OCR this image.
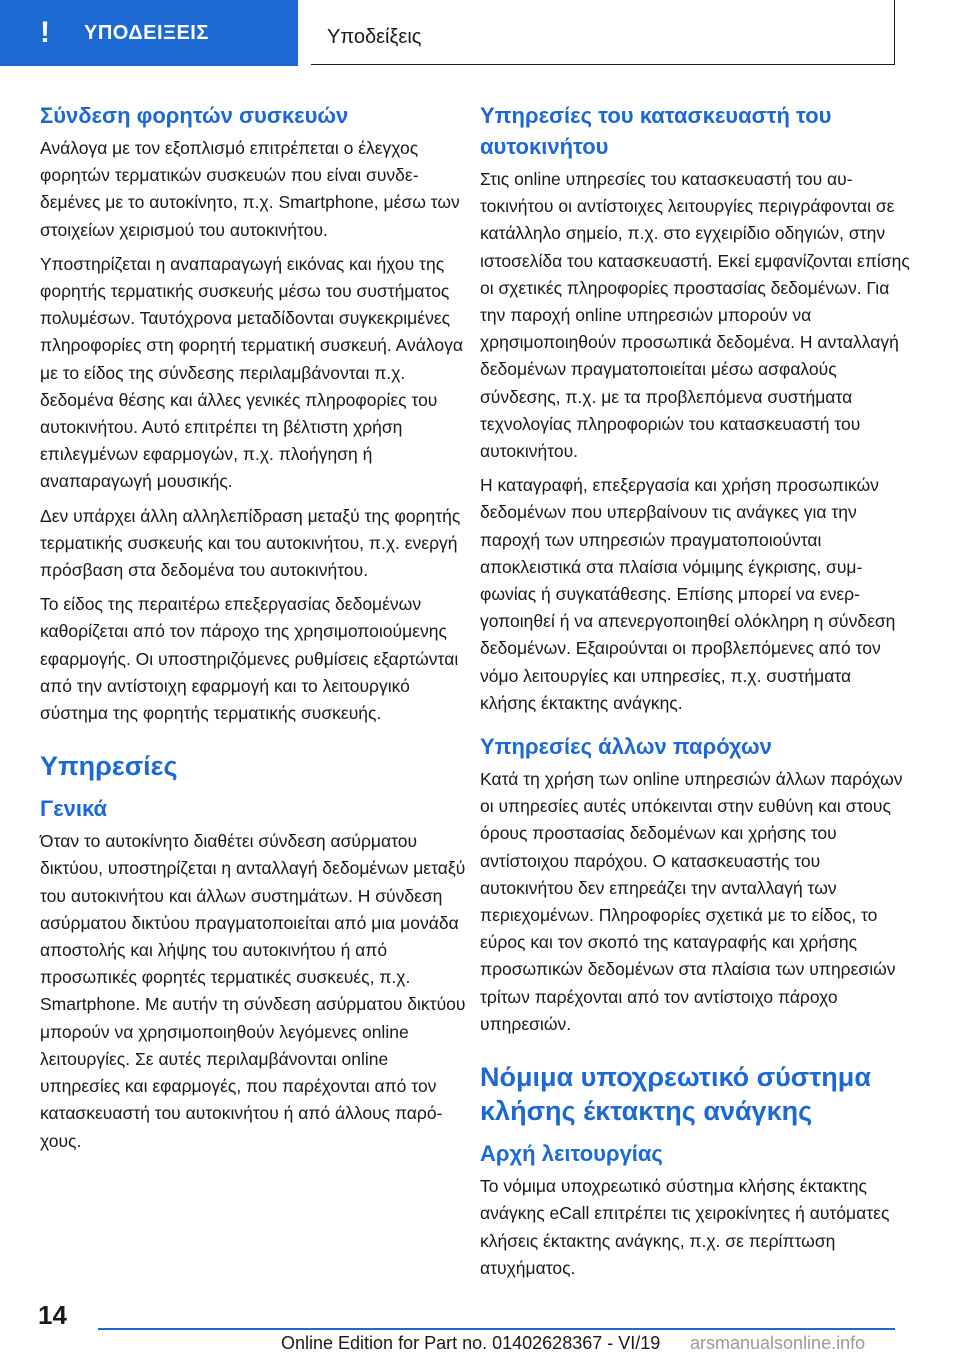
! ΥΠΟΔΕΙΞΕΙΣ	Υποδείξεις
Σύνδεση φορητών συσκευών

Ανάλογα με τον εξοπλισμό επιτρέπεται ο έλεγχος φορητών τερματικών συσκευών που είναι συνδεδεμένες με το αυτοκίνητο, π.χ. Smartphone, μέσω των στοιχείων χειρισμού του αυτοκινήτου.

Υποστηρίζεται η αναπαραγωγή εικόνας και ήχου της φορητής τερματικής συσκευής μέσω του συστήματος πολυμέσων. Ταυτόχρονα μεταδίδονται συγκεκριμένες πληροφορίες στη φορητή τερματική συσκευή. Ανάλογα με το είδος της σύνδεσης περιλαμβάνονται π.χ. δεδομένα θέσης και άλλες γενικές πληροφορίες του αυτοκινήτου. Αυτό επιτρέπει τη βέλτιστη χρήση επιλεγμένων εφαρμογών, π.χ. πλοήγηση ή αναπαραγωγή μουσικής.

Δεν υπάρχει άλλη αλληλεπίδραση μεταξύ της φορητής τερματικής συσκευής και του αυτοκινήτου, π.χ. ενεργή πρόσβαση στα δεδομένα του αυτοκινήτου.

Το είδος της περαιτέρω επεξεργασίας δεδομένων καθορίζεται από τον πάροχο της χρησιμοποιούμενης εφαρμογής. Οι υποστηριζόμενες ρυθμίσεις εξαρτώνται από την αντίστοιχη εφαρμογή και το λειτουργικό σύστημα της φορητής τερματικής συσκευής.

Υπηρεσίες
Γενικά

Όταν το αυτοκίνητο διαθέτει σύνδεση ασύρματου δικτύου, υποστηρίζεται η ανταλλαγή δεδομένων μεταξύ του αυτοκινήτου και άλλων συστημάτων. Η σύνδεση ασύρματου δικτύου πραγματοποιείται από μια μονάδα αποστολής και λήψης του αυτοκινήτου ή από προσωπικές φορητές τερματικές συσκευές, π.χ. Smartphone. Με αυτήν τη σύνδεση ασύρματου δικτύου μπορούν να χρησιμοποιηθούν λεγόμενες online λειτουργίες. Σε αυτές περιλαμβάνονται online υπηρεσίες και εφαρμογές, που παρέχονται από τον κατασκευαστή του αυτοκινήτου ή από άλλους παρόχους.

Υπηρεσίες του κατασκευαστή του αυτοκινήτου

Στις online υπηρεσίες του κατασκευαστή του αυτοκινήτου οι αντίστοιχες λειτουργίες περιγράφονται σε κατάλληλο σημείο, π.χ. στο εγχειρίδιο οδηγιών, στην ιστοσελίδα του κατασκευαστή. Εκεί εμφανίζονται επίσης οι σχετικές πληροφορίες προστασίας δεδομένων. Για την παροχή online υπηρεσιών μπορούν να χρησιμοποιηθούν προσωπικά δεδομένα. Η ανταλλαγή δεδομένων πραγματοποιείται μέσω ασφαλούς σύνδεσης, π.χ. με τα προβλεπόμενα συστήματα τεχνολογίας πληροφοριών του κατασκευαστή του αυτοκινήτου.

Η καταγραφή, επεξεργασία και χρήση προσωπικών δεδομένων που υπερβαίνουν τις ανάγκες για την παροχή των υπηρεσιών πραγματοποιούνται αποκλειστικά στα πλαίσια νόμιμης έγκρισης, συμφωνίας ή συγκατάθεσης. Επίσης μπορεί να ενεργοποιηθεί ή να απενεργοποιηθεί ολόκληρη η σύνδεση δεδομένων. Εξαιρούνται οι προβλεπόμενες από τον νόμο λειτουργίες και υπηρεσίες, π.χ. συστήματα κλήσης έκτακτης ανάγκης.

Υπηρεσίες άλλων παρόχων

Κατά τη χρήση των online υπηρεσιών άλλων παρόχων οι υπηρεσίες αυτές υπόκεινται στην ευθύνη και στους όρους προστασίας δεδομένων και χρήσης του αντίστοιχου παρόχου. Ο κατασκευαστής του αυτοκινήτου δεν επηρεάζει την ανταλλαγή των περιεχομένων. Πληροφορίες σχετικά με το είδος, το εύρος και τον σκοπό της καταγραφής και χρήσης προσωπικών δεδομένων στα πλαίσια των υπηρεσιών τρίτων παρέχονται από τον αντίστοιχο πάροχο υπηρεσιών.

Νόμιμα υποχρεωτικό σύστημα κλήσης έκτακτης ανάγκης
Αρχή λειτουργίας

Το νόμιμα υποχρεωτικό σύστημα κλήσης έκτακτης ανάγκης eCall επιτρέπει τις χειροκίνητες ή αυτόματες κλήσεις έκτακτης ανάγκης, π.χ. σε περίπτωση ατυχήματος.

14
Online Edition for Part no. 01402628367 - VI/19 arsmanualsonline.info
